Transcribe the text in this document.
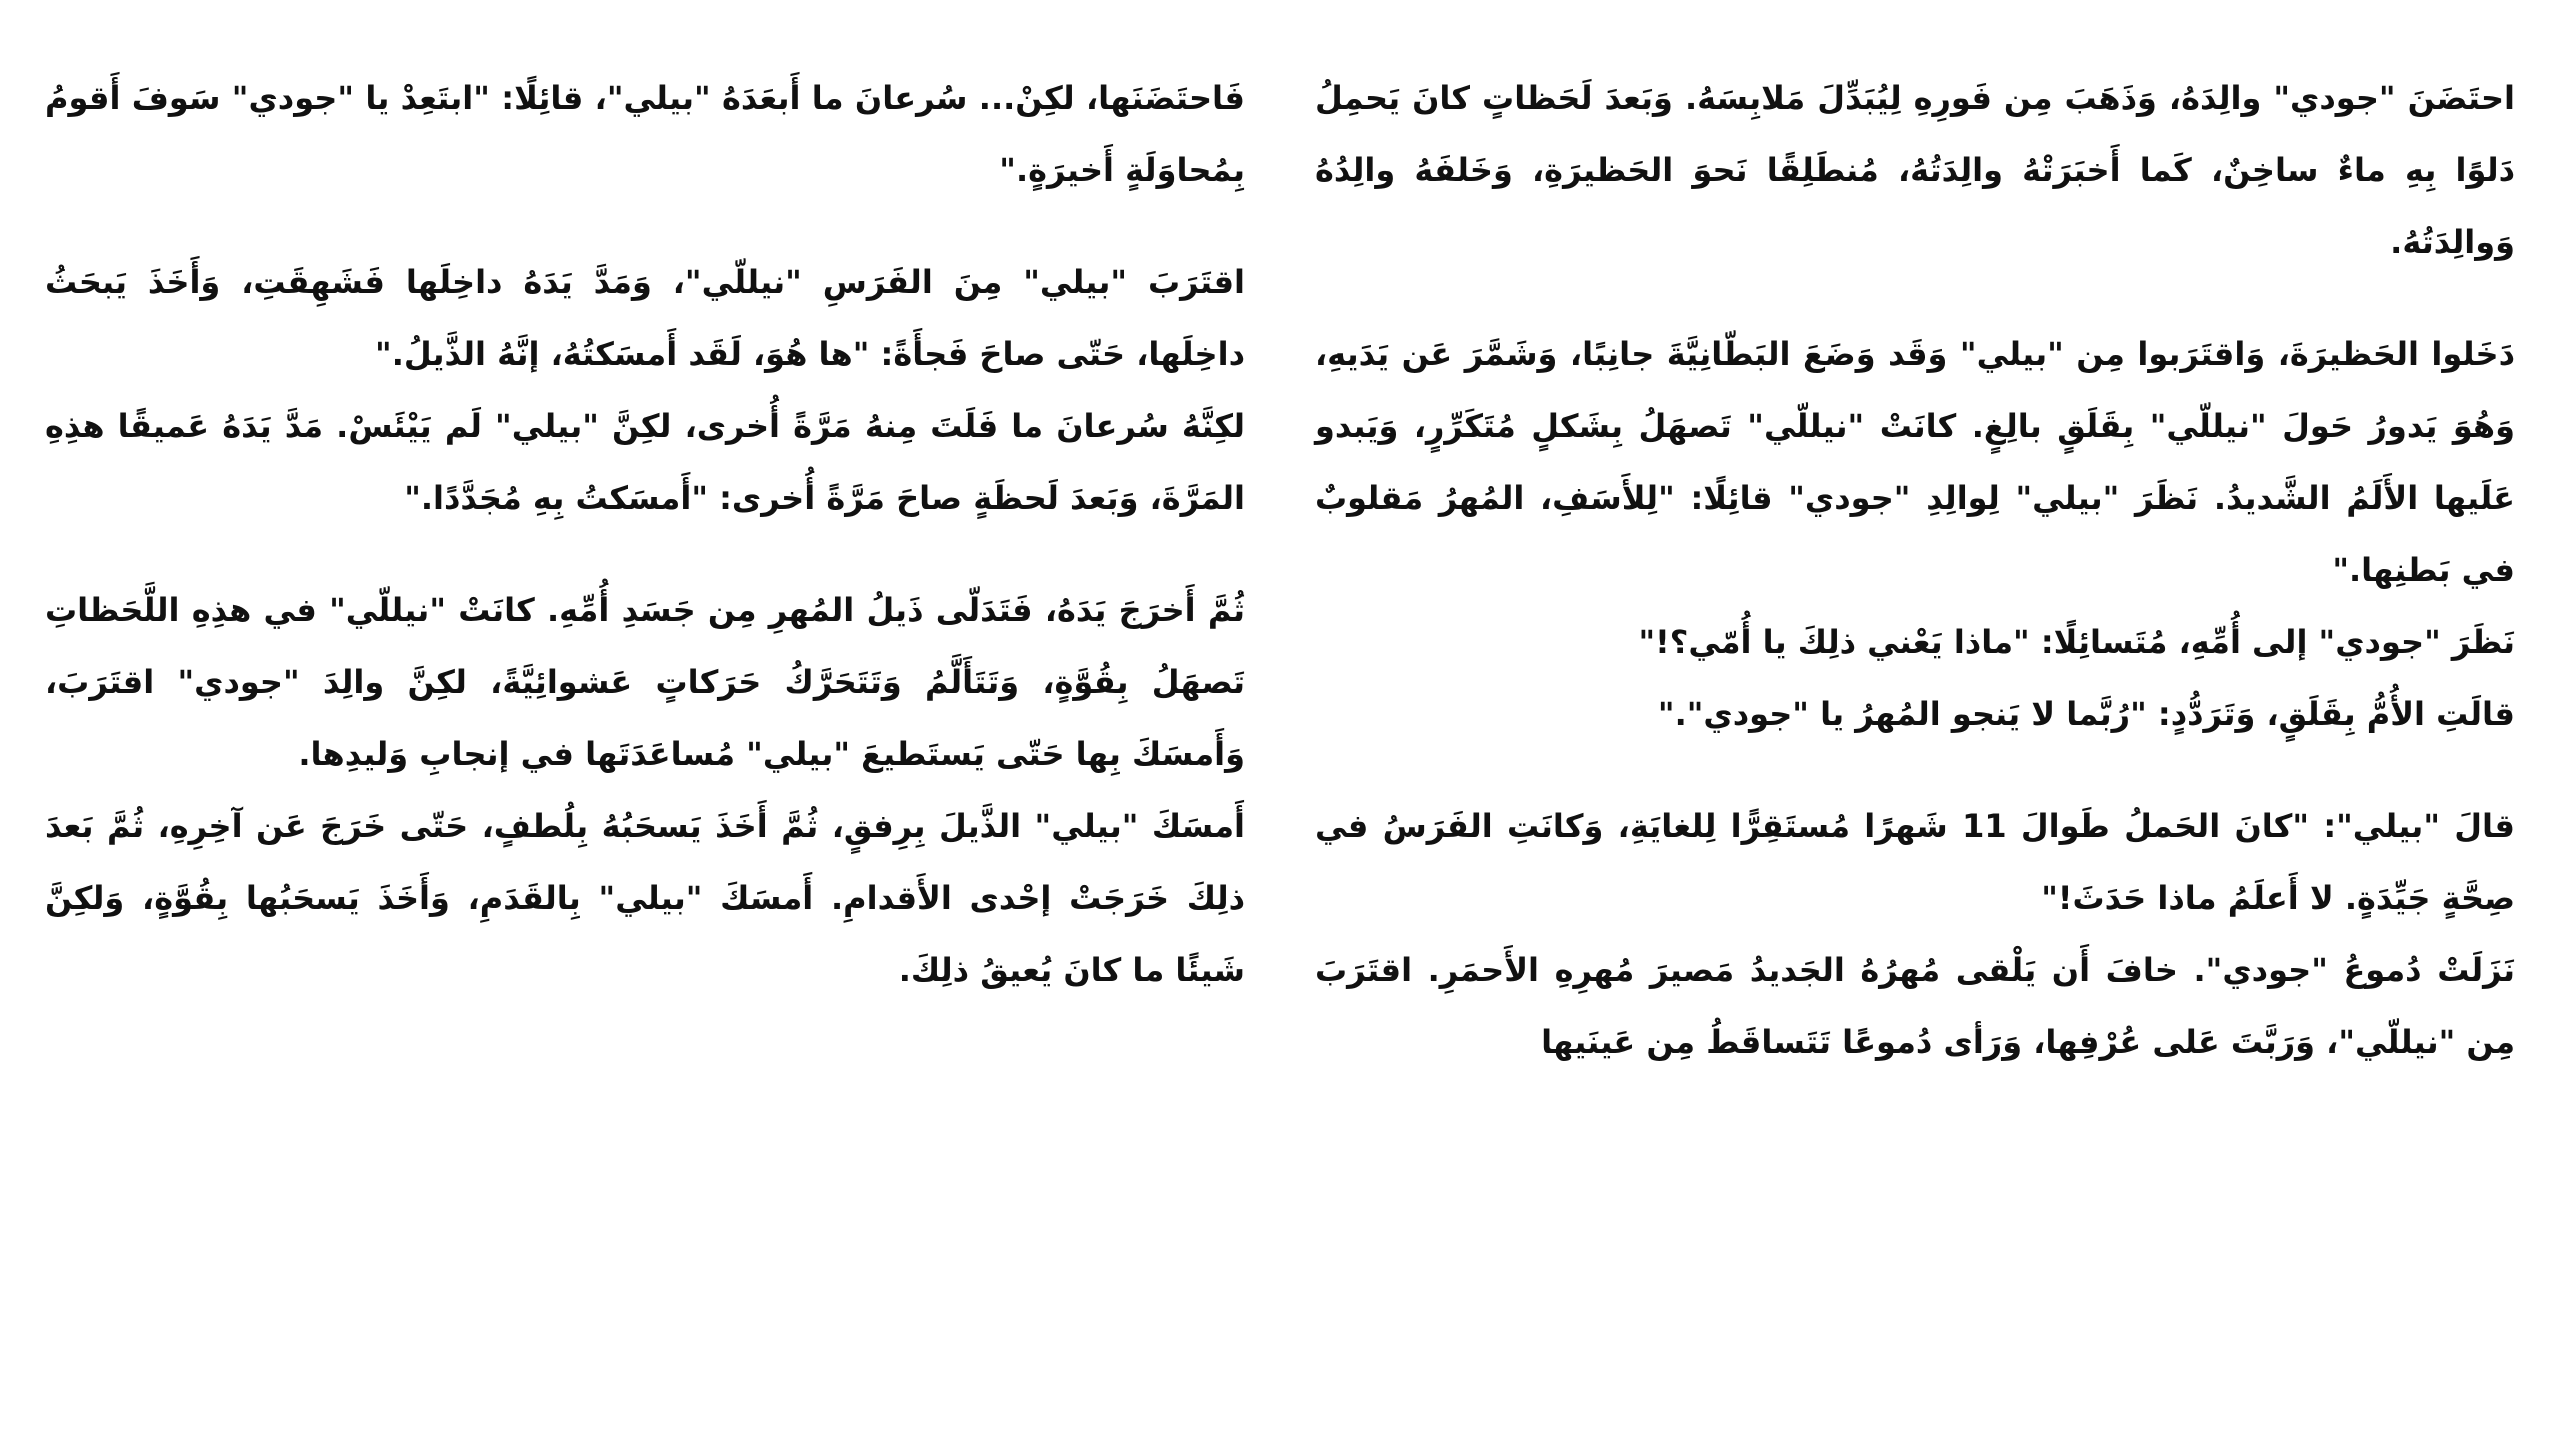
احتَضَنَ "جودي" والِدَهُ، وَذَهَبَ مِن فَورِهِ لِيُبَدِّلَ مَلابِسَهُ. وَبَعدَ لَحَظاتٍ كانَ يَحمِلُ دَلوًا بِهِ ماءٌ ساخِنٌ، كَما أَخبَرَتْهُ والِدَتُهُ، مُنطَلِقًا نَحوَ الحَظيرَةِ، وَخَلفَهُ والِدُهُ وَوالِدَتُهُ.

دَخَلوا الحَظيرَةَ، وَاقتَرَبوا مِن "بيلي" وَقَد وَضَعَ البَطّانِيَّةَ جانِبًا، وَشَمَّرَ عَن يَدَيهِ، وَهُوَ يَدورُ حَولَ "نيللّي" بِقَلَقٍ بالِغٍ. كانَتْ "نيللّي" تَصهَلُ بِشَكلٍ مُتَكَرِّرٍ، وَيَبدو عَلَيها الأَلَمُ الشَّديدُ. نَظَرَ "بيلي" لِوالِدِ "جودي" قائِلًا: "لِلأَسَفِ، المُهرُ مَقلوبٌ في بَطنِها."

نَظَرَ "جودي" إلى أُمِّهِ، مُتَسائِلًا: "ماذا يَعْني ذلِكَ يا أُمّي؟!"

قالَتِ الأُمُّ بِقَلَقٍ، وَتَرَدُّدٍ: "رُبَّما لا يَنجو المُهرُ يا "جودي"."

قالَ "بيلي": "كانَ الحَملُ طَوالَ 11 شَهرًا مُستَقِرًّا لِلغايَةِ، وَكانَتِ الفَرَسُ في صِحَّةٍ جَيِّدَةٍ. لا أَعلَمُ ماذا حَدَثَ!"

نَزَلَتْ دُموعُ "جودي". خافَ أَن يَلْقى مُهرُهُ الجَديدُ مَصيرَ مُهرِهِ الأَحمَرِ. اقتَرَبَ مِن "نيللّي"، وَرَبَّتَ عَلى عُرْفِها، وَرَأى دُموعًا تَتَساقَطُ مِن عَينَيها

فَاحتَضَنَها، لكِنْ... سُرعانَ ما أَبعَدَهُ "بيلي"، قائِلًا: "ابتَعِدْ يا "جودي" سَوفَ أَقومُ بِمُحاوَلَةٍ أَخيرَةٍ."

اقتَرَبَ "بيلي" مِنَ الفَرَسِ "نيللّي"، وَمَدَّ يَدَهُ داخِلَها فَشَهِقَتِ، وَأَخَذَ يَبحَثُ داخِلَها، حَتّى صاحَ فَجأَةً: "ها هُوَ، لَقَد أَمسَكتُهُ، إنَّهُ الذَّيلُ."

لكِنَّهُ سُرعانَ ما فَلَتَ مِنهُ مَرَّةً أُخرى، لكِنَّ "بيلي" لَم يَيْئَسْ. مَدَّ يَدَهُ عَميقًا هذِهِ المَرَّةَ، وَبَعدَ لَحظَةٍ صاحَ مَرَّةً أُخرى: "أَمسَكتُ بِهِ مُجَدَّدًا."

ثُمَّ أَخرَجَ يَدَهُ، فَتَدَلّى ذَيلُ المُهرِ مِن جَسَدِ أُمِّهِ. كانَتْ "نيللّي" في هذِهِ اللَّحَظاتِ تَصهَلُ بِقُوَّةٍ، وَتَتَأَلَّمُ وَتَتَحَرَّكُ حَرَكاتٍ عَشوائِيَّةً، لكِنَّ والِدَ "جودي" اقتَرَبَ، وَأَمسَكَ بِها حَتّى يَستَطيعَ "بيلي" مُساعَدَتَها في إنجابِ وَليدِها.

أَمسَكَ "بيلي" الذَّيلَ بِرِفقٍ، ثُمَّ أَخَذَ يَسحَبُهُ بِلُطفٍ، حَتّى خَرَجَ عَن آخِرِهِ، ثُمَّ بَعدَ ذلِكَ خَرَجَتْ إحْدى الأَقدامِ. أَمسَكَ "بيلي" بِالقَدَمِ، وَأَخَذَ يَسحَبُها بِقُوَّةٍ، وَلكِنَّ شَيئًا ما كانَ يُعيقُ ذلِكَ.
